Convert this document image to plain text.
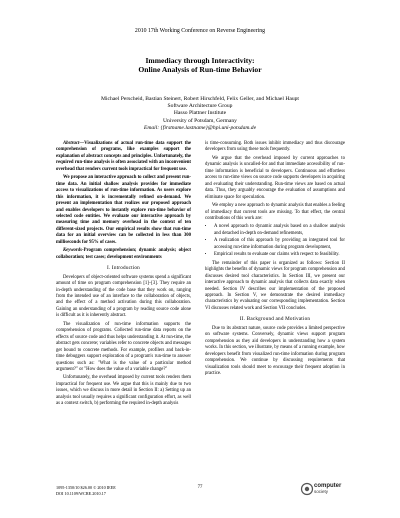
2010 17th Working Conference on Reverse Engineering
Immediacy through Interactivity:
Online Analysis of Run-time Behavior
Michael Perscheid, Bastian Steinert, Robert Hirschfeld, Felix Geller, and Michael Haupt
Software Architecture Group
Hasso Plattner Institute
University of Potsdam, Germany
Email: {firstname.lastname}@hpi.uni-potsdam.de

Abstract—Visualizations of actual run-time data support the comprehension of programs, like examples support the explanation of abstract concepts and principles. Unfortunately, the required run-time analysis is often associated with an inconvenient overhead that renders current tools impractical for frequent use.

We propose an interactive approach to collect and present run-time data. An initial shallow analysis provides for immediate access to visualizations of run-time information. As users explore this information, it is incrementally refined on-demand. We present an implementation that realizes our proposed approach and enables developers to instantly explore run-time behavior of selected code entities. We evaluate our interactive approach by measuring time and memory overhead in the context of ten different-sized projects. Our empirical results show that run-time data for an initial overview can be collected in less than 300 milliseconds for 95% of cases.

Keywords-Program comprehension; dynamic analysis; object collaboration; test cases; development environments

I. Introduction

Developers of object-oriented software systems spend a significant amount of time on program comprehension [1]–[3]. They require an in-depth understanding of the code base that they work on, ranging from the intended use of an interface to the collaboration of objects, and the effect of a method activation during this collaboration. Gaining an understanding of a program by reading source code alone is difficult as it is inherently abstract.

The visualization of run-time information supports the comprehension of programs. Collected run-time data reports on the effects of source code and thus helps understanding it. At run-time, the abstract gets concrete; variables refer to concrete objects and messages get bound to concrete methods. For example, profilers and back-in-time debuggers support exploration of a program's run-time to answer questions such as: "What is the value of a particular method argument?" or "How does the value of a variable change?"

Unfortunately, the overhead imposed by current tools renders them impractical for frequent use. We argue that this is mainly due to two issues, which we discuss in more detail in Section II: a) Setting up an analysis tool usually requires a significant configuration effort, as well as a context switch, b) performing the required in-depth analysis

is time-consuming. Both issues inhibit immediacy and thus discourage developers from using these tools frequently.

We argue that the overhead imposed by current approaches to dynamic analysis is uncalled-for and that immediate accessibility of run-time information is beneficial to developers. Continuous and effortless access to run-time views on source code supports developers in acquiring and evaluating their understanding. Run-time views are based on actual data. Thus, they arguably encourage the evaluation of assumptions and eliminate space for speculation.

We employ a new approach to dynamic analysis that enables a feeling of immediacy that current tools are missing. To that effect, the central contributions of this work are:

• A novel approach to dynamic analysis based on a shallow analysis and detached in-depth on-demand refinements,
• A realization of this approach by providing an integrated tool for accessing run-time information during program development,
• Empirical results to evaluate our claims with respect to feasibility.

The remainder of this paper is organized as follows: Section II highlights the benefits of dynamic views for program comprehension and discusses desired tool characteristics. In Section III, we present our interactive approach to dynamic analysis that collects data exactly when needed. Section IV describes our implementation of the proposed approach. In Section V, we demonstrate the desired immediacy characteristics by evaluating our corresponding implementation. Section VI discusses related work and Section VII concludes.

II. Background and Motivation

Due to its abstract nature, source code provides a limited perspective on software systems. Conversely, dynamic views support program comprehension as they aid developers in understanding how a system works. In this section, we illustrate, by means of a running example, how developers benefit from visualized run-time information during program comprehension. We continue by discussing requirements that visualization tools should meet to encourage their frequent adoption in practice.

1095-1350/10 $26.00 © 2010 IEEE
DOI 10.1109/WCRE.2010.17
77	computer
society
